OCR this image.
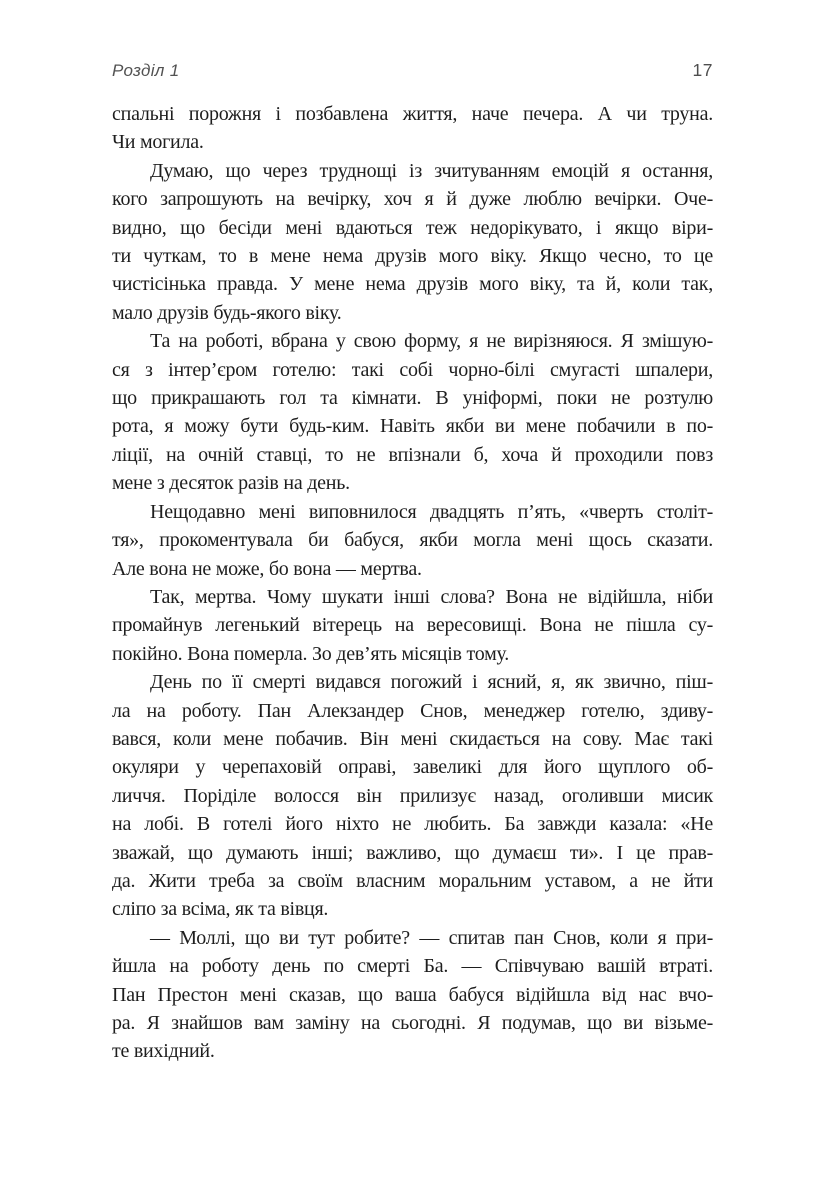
Розділ 1	17
спальні порожня і позбавлена життя, наче печера. А чи труна.
Чи могила.
Думаю, що через труднощі із зчитуванням емоцій я остання,
кого запрошують на вечірку, хоч я й дуже люблю вечірки. Оче-
видно, що бесіди мені вдаються теж недорікувато, і якщо віри-
ти чуткам, то в мене нема друзів мого віку. Якщо чесно, то це
чистісінька правда. У мене нема друзів мого віку, та й, коли так,
мало друзів будь-якого віку.
Та на роботі, вбрана у свою форму, я не вирізняюся. Я змішую-
ся з інтер’єром готелю: такі собі чорно-білі смугасті шпалери,
що прикрашають гол та кімнати. В уніформі, поки не розтулю
рота, я можу бути будь-ким. Навіть якби ви мене побачили в по-
ліції, на очній ставці, то не впізнали б, хоча й проходили повз
мене з десяток разів на день.
Нещодавно мені виповнилося двадцять п’ять, «чверть століт-
тя», прокоментувала би бабуся, якби могла мені щось сказати.
Але вона не може, бо вона — мертва.
Так, мертва. Чому шукати інші слова? Вона не відійшла, ніби
промайнув легенький вітерець на вересовищі. Вона не пішла су-
покійно. Вона померла. Зо дев’ять місяців тому.
День по її смерті видався погожий і ясний, я, як звично, піш-
ла на роботу. Пан Алекзандер Снов, менеджер готелю, здиву-
вався, коли мене побачив. Він мені скидається на сову. Має такі
окуляри у черепаховій оправі, завеликі для його щуплого об-
личчя. Поріділе волосся він прилизує назад, оголивши мисик
на лобі. В готелі його ніхто не любить. Ба завжди казала: «Не
зважай, що думають інші; важливо, що думаєш ти». І це прав-
да. Жити треба за своїм власним моральним уставом, а не йти
сліпо за всіма, як та вівця.
— Моллі, що ви тут робите? — спитав пан Снов, коли я при-
йшла на роботу день по смерті Ба. — Співчуваю вашій втраті.
Пан Престон мені сказав, що ваша бабуся відійшла від нас вчо-
ра. Я знайшов вам заміну на сьогодні. Я подумав, що ви візьме-
те вихідний.
